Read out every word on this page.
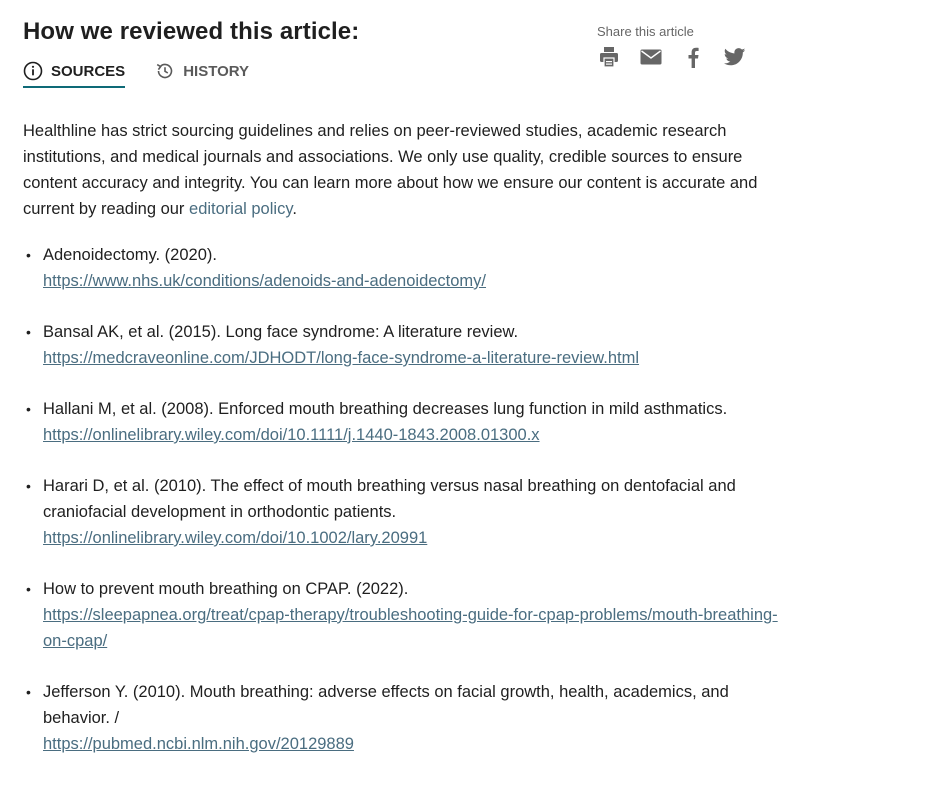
How we reviewed this article:
SOURCES	HISTORY
Share this article

Healthline has strict sourcing guidelines and relies on peer-reviewed studies, academic research institutions, and medical journals and associations. We only use quality, credible sources to ensure content accuracy and integrity. You can learn more about how we ensure our content is accurate and current by reading our editorial policy.

• Adenoidectomy. (2020).
https://www.nhs.uk/conditions/adenoids-and-adenoidectomy/
• Bansal AK, et al. (2015). Long face syndrome: A literature review.
https://medcraveonline.com/JDHODT/long-face-syndrome-a-literature-review.html
• Hallani M, et al. (2008). Enforced mouth breathing decreases lung function in mild asthmatics.
https://onlinelibrary.wiley.com/doi/10.1111/j.1440-1843.2008.01300.x
• Harari D, et al. (2010). The effect of mouth breathing versus nasal breathing on dentofacial and craniofacial development in orthodontic patients.
https://onlinelibrary.wiley.com/doi/10.1002/lary.20991
• How to prevent mouth breathing on CPAP. (2022).
https://sleepapnea.org/treat/cpap-therapy/troubleshooting-guide-for-cpap-problems/mouth-breathing-on-cpap/
• Jefferson Y. (2010). Mouth breathing: adverse effects on facial growth, health, academics, and behavior. /
https://pubmed.ncbi.nlm.nih.gov/20129889
